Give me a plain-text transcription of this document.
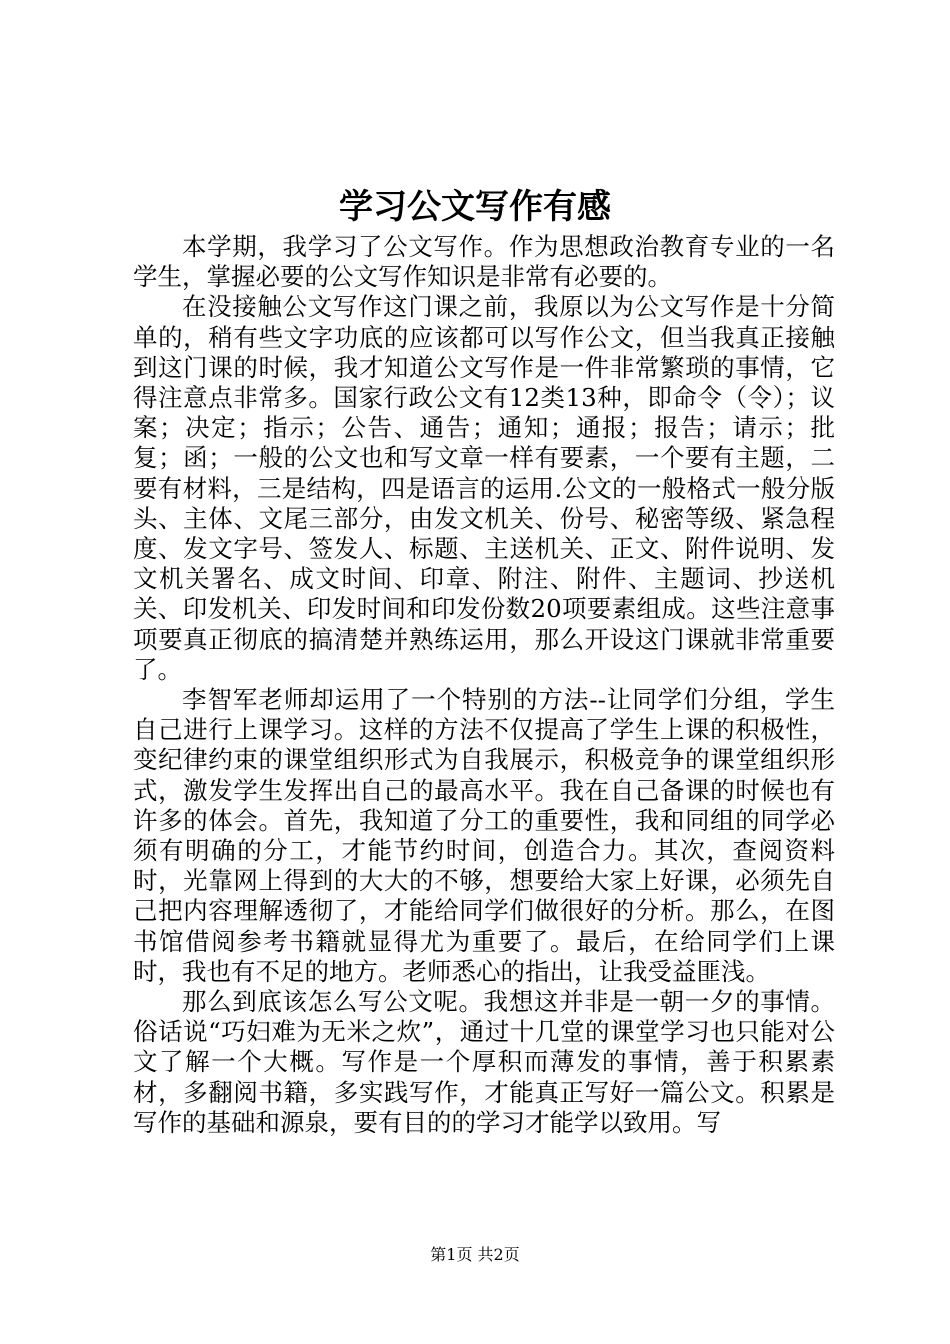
学习公文写作有感

本学期，我学习了公文写作。作为思想政治教育专业的一名学生，掌握必要的公文写作知识是非常有必要的。

在没接触公文写作这门课之前，我原以为公文写作是十分简单的，稍有些文字功底的应该都可以写作公文，但当我真正接触到这门课的时候，我才知道公文写作是一件非常繁琐的事情，它得注意点非常多。国家行政公文有12类13种，即命令（令）；议案；决定；指示；公告、通告；通知；通报；报告；请示；批复；函；一般的公文也和写文章一样有要素，一个要有主题，二要有材料，三是结构，四是语言的运用.公文的一般格式一般分版头、主体、文尾三部分，由发文机关、份号、秘密等级、紧急程度、发文字号、签发人、标题、主送机关、正文、附件说明、发文机关署名、成文时间、印章、附注、附件、主题词、抄送机关、印发机关、印发时间和印发份数20项要素组成。这些注意事项要真正彻底的搞清楚并熟练运用，那么开设这门课就非常重要了。

李智军老师却运用了一个特别的方法--让同学们分组，学生自己进行上课学习。这样的方法不仅提高了学生上课的积极性，变纪律约束的课堂组织形式为自我展示，积极竞争的课堂组织形式，激发学生发挥出自己的最高水平。我在自己备课的时候也有许多的体会。首先，我知道了分工的重要性，我和同组的同学必须有明确的分工，才能节约时间，创造合力。其次，查阅资料时，光靠网上得到的大大的不够，想要给大家上好课，必须先自己把内容理解透彻了，才能给同学们做很好的分析。那么，在图书馆借阅参考书籍就显得尤为重要了。最后，在给同学们上课时，我也有不足的地方。老师悉心的指出，让我受益匪浅。

那么到底该怎么写公文呢。我想这并非是一朝一夕的事情。俗话说“巧妇难为无米之炊”，通过十几堂的课堂学习也只能对公文了解一个大概。写作是一个厚积而薄发的事情，善于积累素材，多翻阅书籍，多实践写作，才能真正写好一篇公文。积累是写作的基础和源泉，要有目的的学习才能学以致用。写

第1页 共2页
